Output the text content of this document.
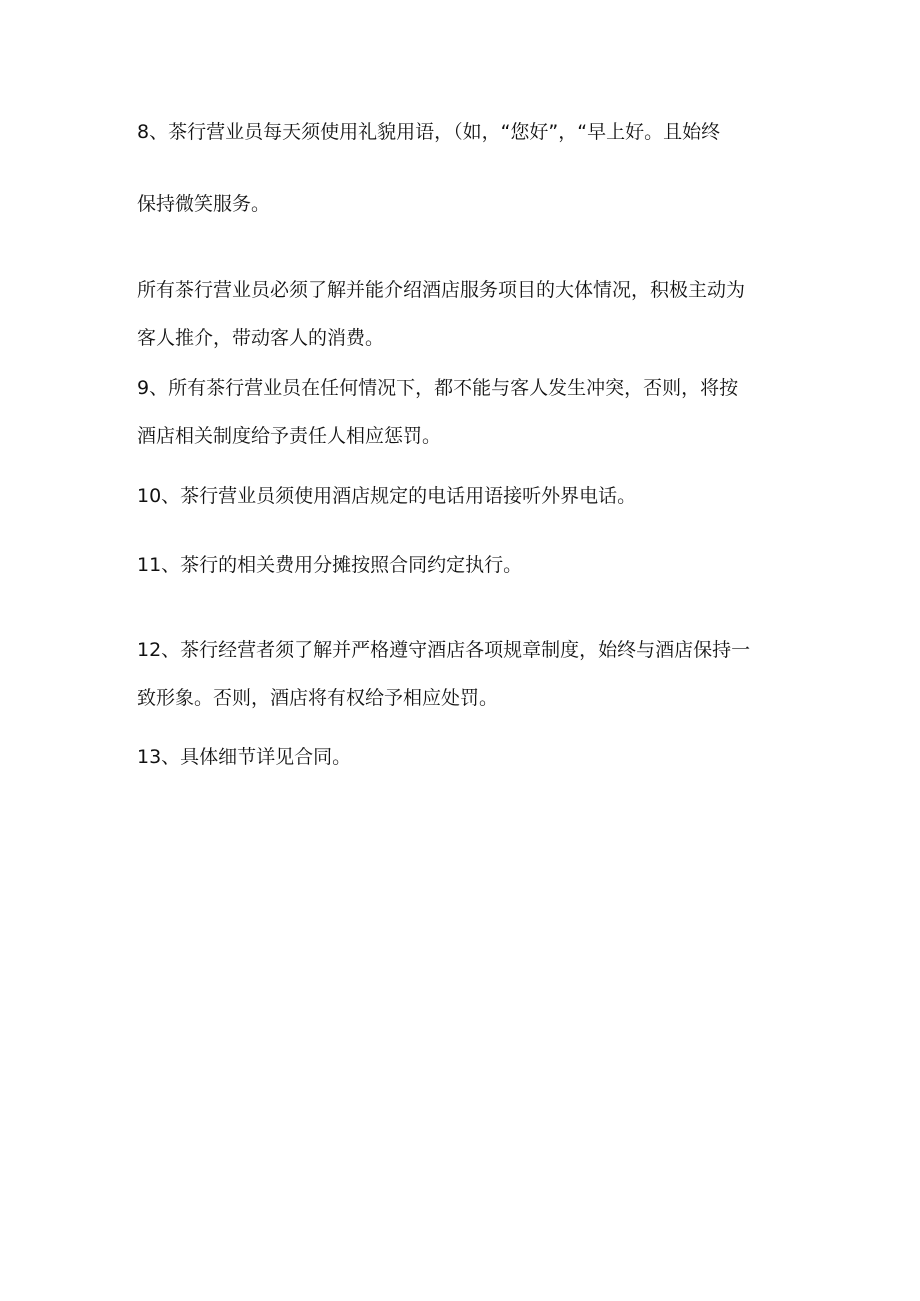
8、茶行营业员每天须使用礼貌用语，（如，“您好”，“早上好。且始终
保持微笑服务。
所有茶行营业员必须了解并能介绍酒店服务项目的大体情况，积极主动为
客人推介，带动客人的消费。
9、所有茶行营业员在任何情况下，都不能与客人发生冲突，否则，将按
酒店相关制度给予责任人相应惩罚。
10、茶行营业员须使用酒店规定的电话用语接听外界电话。
11、茶行的相关费用分摊按照合同约定执行。
12、茶行经营者须了解并严格遵守酒店各项规章制度，始终与酒店保持一
致形象。否则，酒店将有权给予相应处罚。
13、具体细节详见合同。
